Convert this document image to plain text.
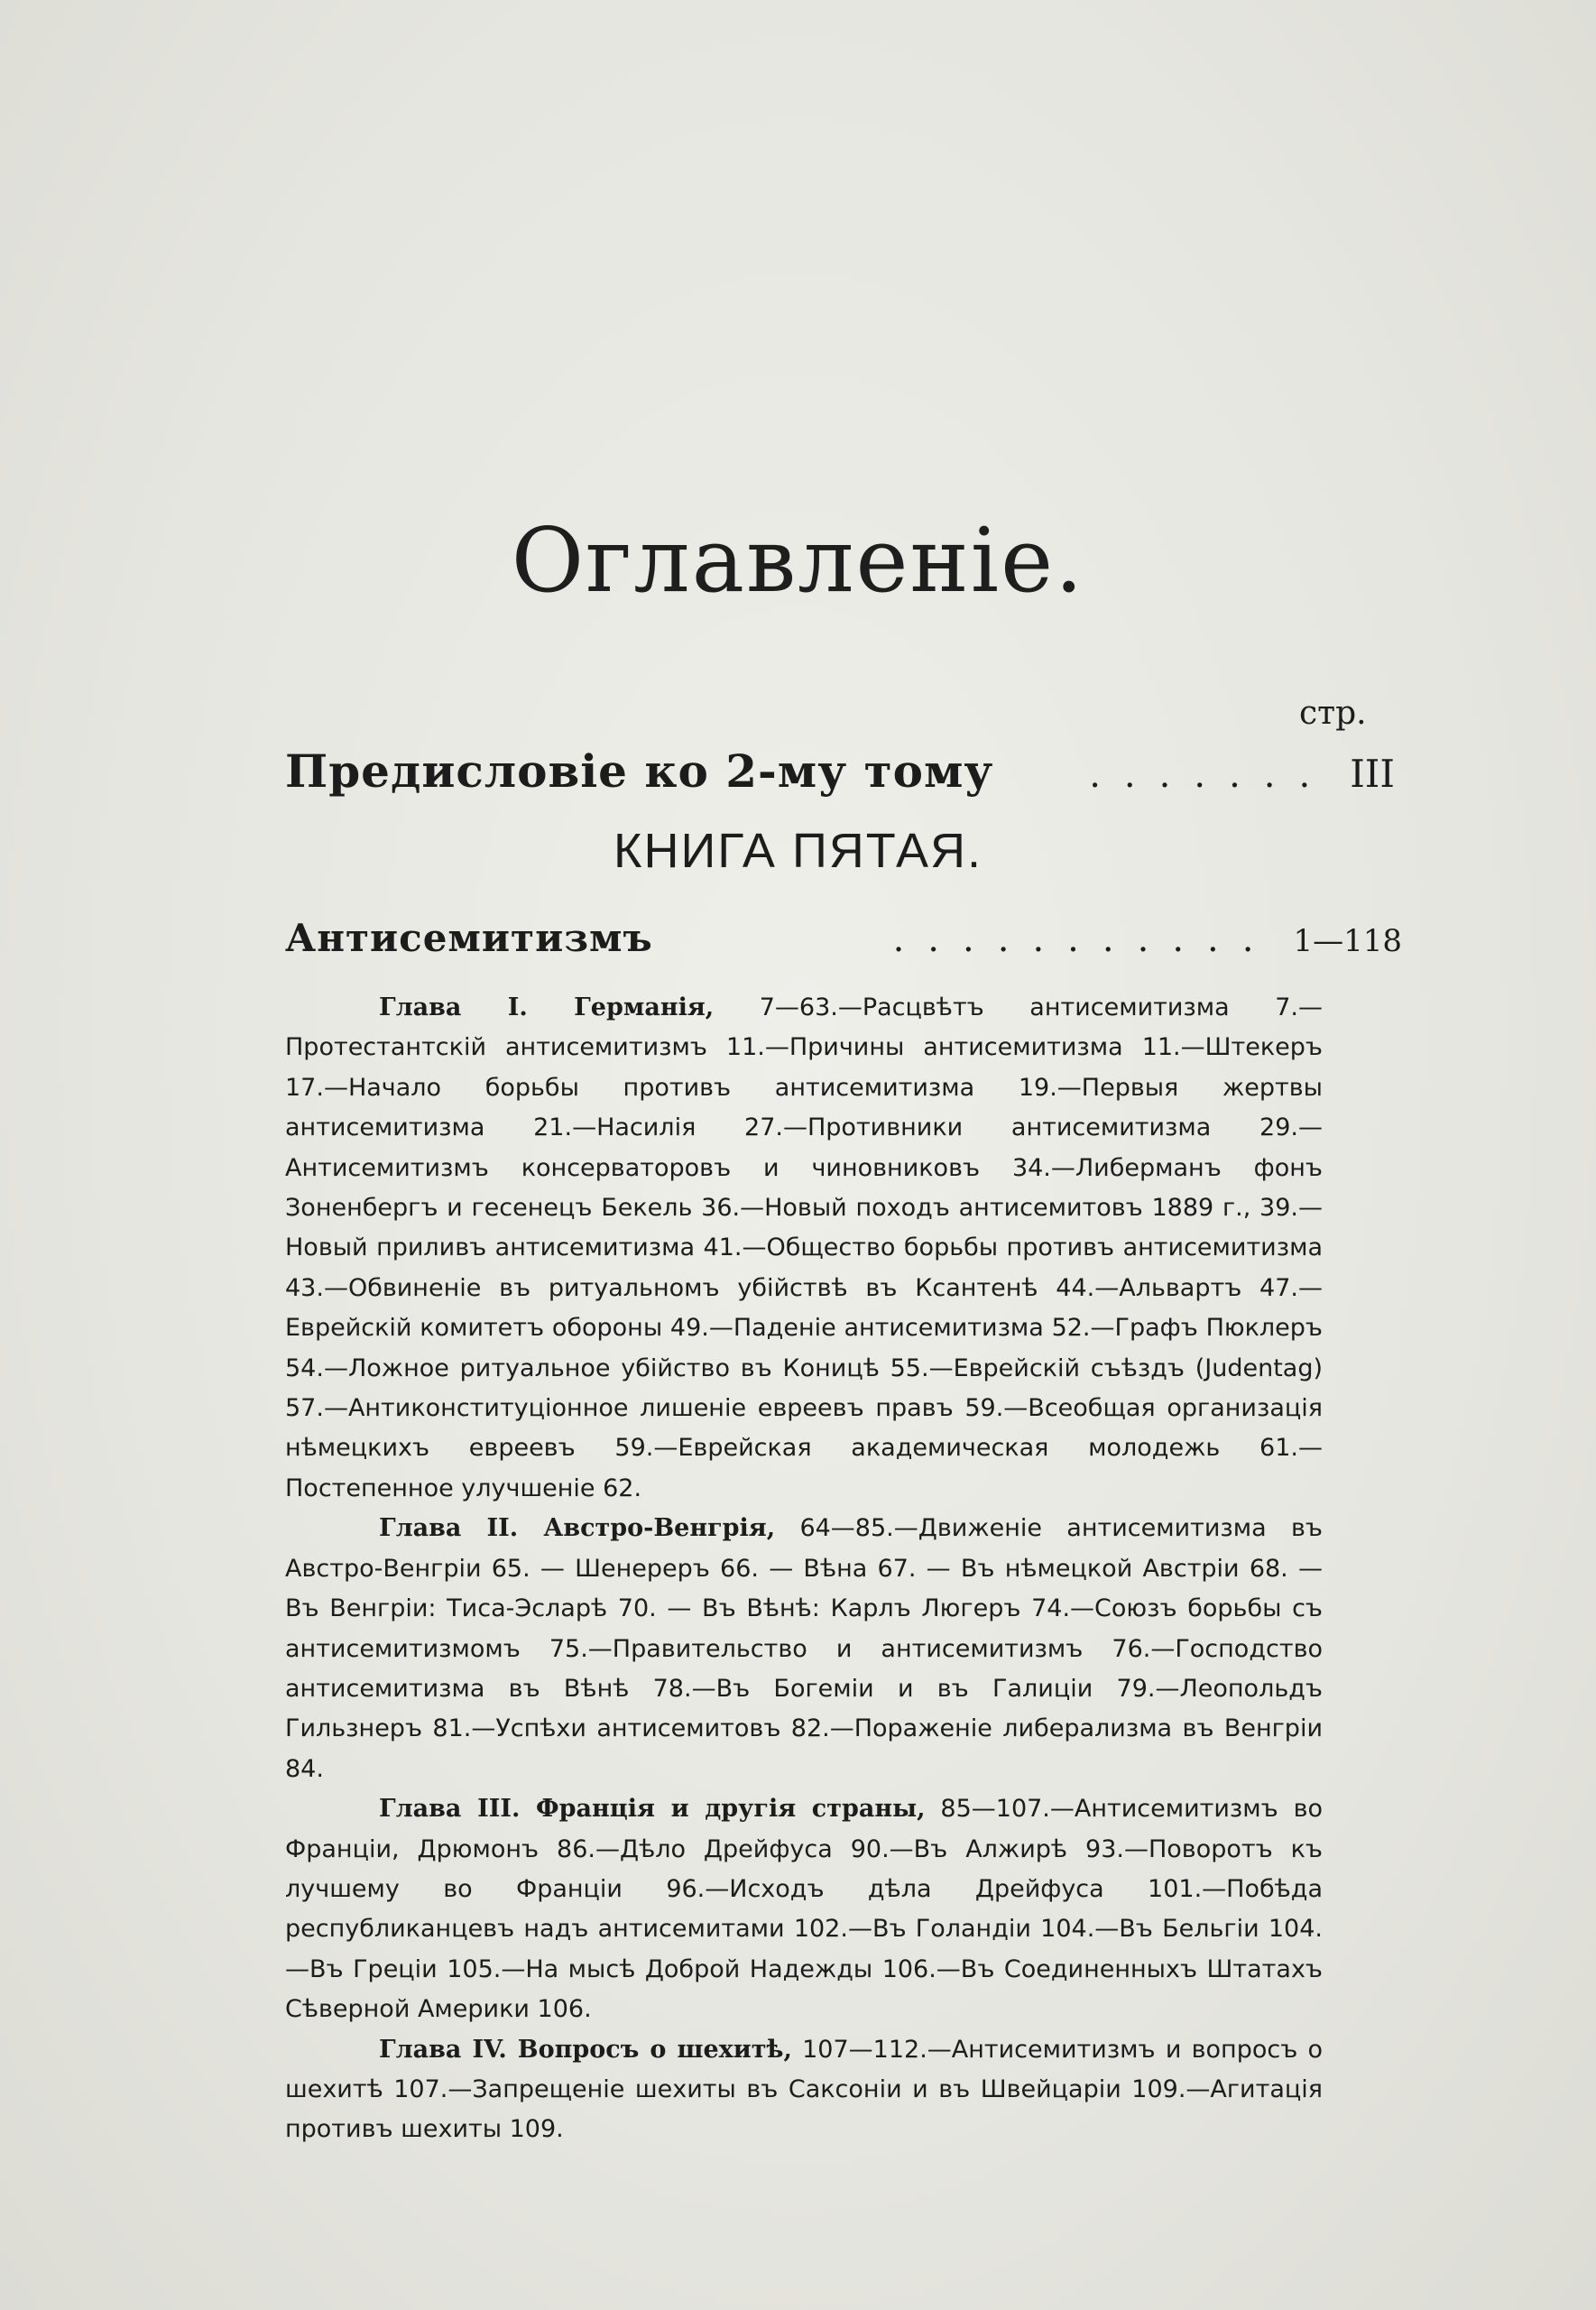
Оглавленіе.
стр.
Предисловіе ко 2-му тому	....... III
КНИГА ПЯТАЯ.
Антисемитизмъ	........... 1—118

Глава I. Германія, 7—63.—Расцвѣтъ антисемитизма 7.—Протестантскій антисемитизмъ 11.—Причины антисемитизма 11.—Штекеръ 17.—Начало борьбы противъ антисемитизма 19.—Первыя жертвы антисемитизма 21.—Насилія 27.—Противники антисемитизма 29.—Антисемитизмъ консерваторовъ и чиновниковъ 34.—Либерманъ фонъ Зоненбергъ и гесенецъ Бекель 36.—Новый походъ антисемитовъ 1889 г., 39.—Новый приливъ антисемитизма 41.—Общество борьбы противъ антисемитизма 43.—Обвиненіе въ ритуальномъ убійствѣ въ Ксантенѣ 44.—Альвартъ 47.—Еврейскій комитетъ обороны 49.—Паденіе антисемитизма 52.—Графъ Пюклеръ 54.—Ложное ритуальное убійство въ Коницѣ 55.—Еврейскій съѣздъ (Judentag) 57.—Антиконституціонное лишеніе евреевъ правъ 59.—Всеобщая организація нѣмецкихъ евреевъ 59.—Еврейская академическая молодежь 61.—Постепенное улучшеніе 62.

Глава II. Австро-Венгрія, 64—85.—Движеніе антисемитизма въ Австро-Венгріи 65. — Шенереръ 66. — Вѣна 67. — Въ нѣмецкой Австріи 68. — Въ Венгріи: Тиса-Эсларѣ 70. — Въ Вѣнѣ: Карлъ Люгеръ 74.—Союзъ борьбы съ антисемитизмомъ 75.—Правительство и антисемитизмъ 76.—Господство антисемитизма въ Вѣнѣ 78.—Въ Богеміи и въ Галиціи 79.—Леопольдъ Гильзнеръ 81.—Успѣхи антисемитовъ 82.—Пораженіе либерализма въ Венгріи 84.

Глава III. Франція и другія страны, 85—107.—Антисемитизмъ во Франціи, Дрюмонъ 86.—Дѣло Дрейфуса 90.—Въ Алжирѣ 93.—Поворотъ къ лучшему во Франціи 96.—Исходъ дѣла Дрейфуса 101.—Побѣда республиканцевъ надъ антисемитами 102.—Въ Голандіи 104.—Въ Бельгіи 104.—Въ Греціи 105.—На мысѣ Доброй Надежды 106.—Въ Соединенныхъ Штатахъ Сѣверной Америки 106.

Глава IV. Вопросъ о шехитѣ, 107—112.—Антисемитизмъ и вопросъ о шехитѣ 107.—Запрещеніе шехиты въ Саксоніи и въ Швейцаріи 109.—Агитація противъ шехиты 109.
